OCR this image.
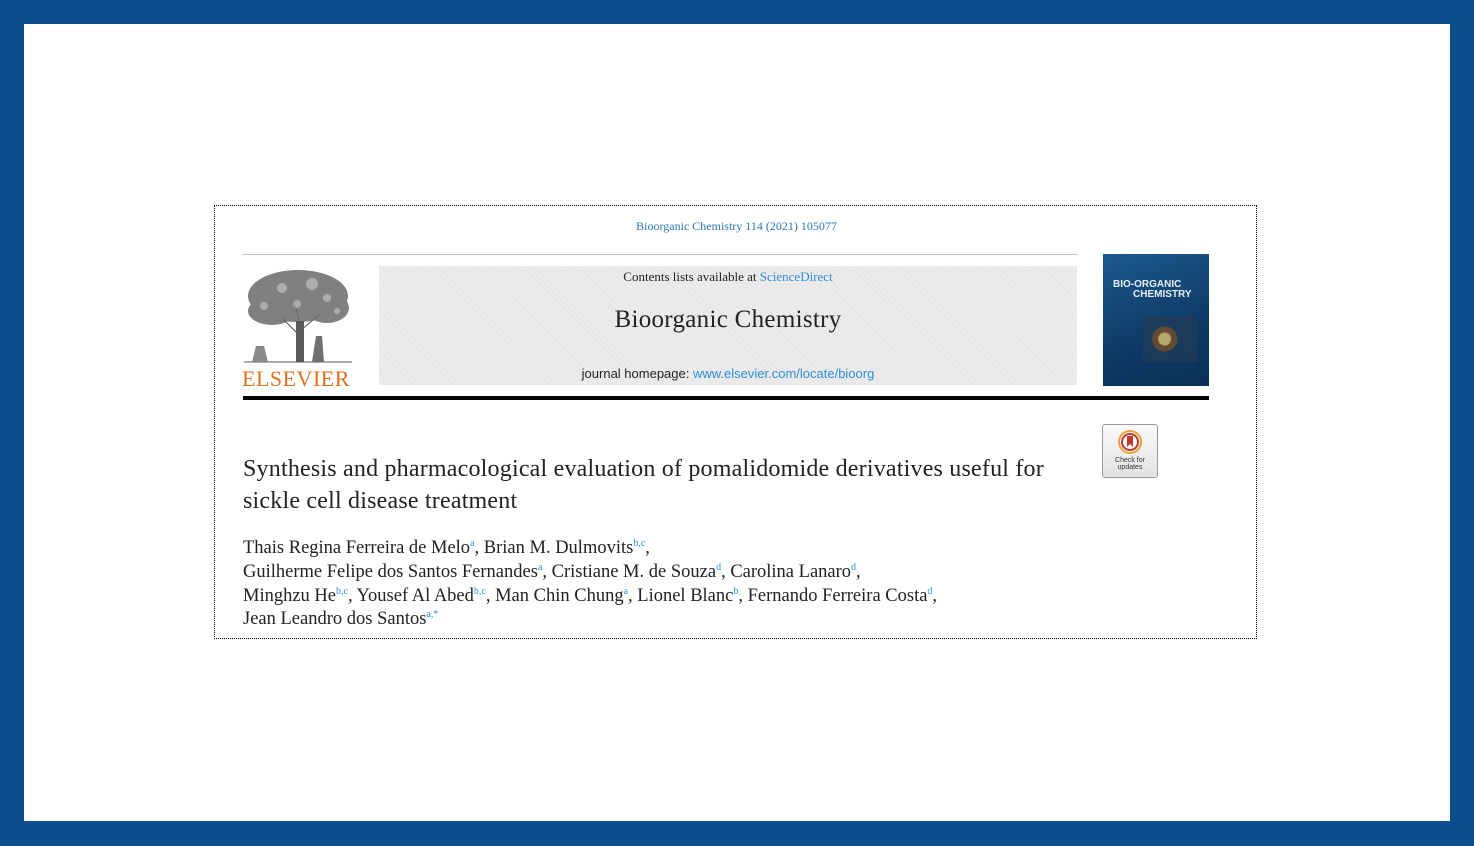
Bioorganic Chemistry 114 (2021) 105077
ELSEVIER
Contents lists available at ScienceDirect
Bioorganic Chemistry
journal homepage: www.elsevier.com/locate/bioorg
BIO-ORGANIC
CHEMISTRY
Check for
updates
Synthesis and pharmacological evaluation of pomalidomide derivatives useful for sickle cell disease treatment
Thais Regina Ferreira de Melo$^a$, Brian M. Dulmovits$^{b,c}$,
Guilherme Felipe dos Santos Fernandes$^a$, Cristiane M. de Souza$^d$, Carolina Lanaro$^d$,
Minghzu He$^{b,c}$, Yousef Al Abed$^{b,c}$, Man Chin Chung$^a$, Lionel Blanc$^b$, Fernando Ferreira Costa$^d$,
Jean Leandro dos Santos$^{a,*}$
